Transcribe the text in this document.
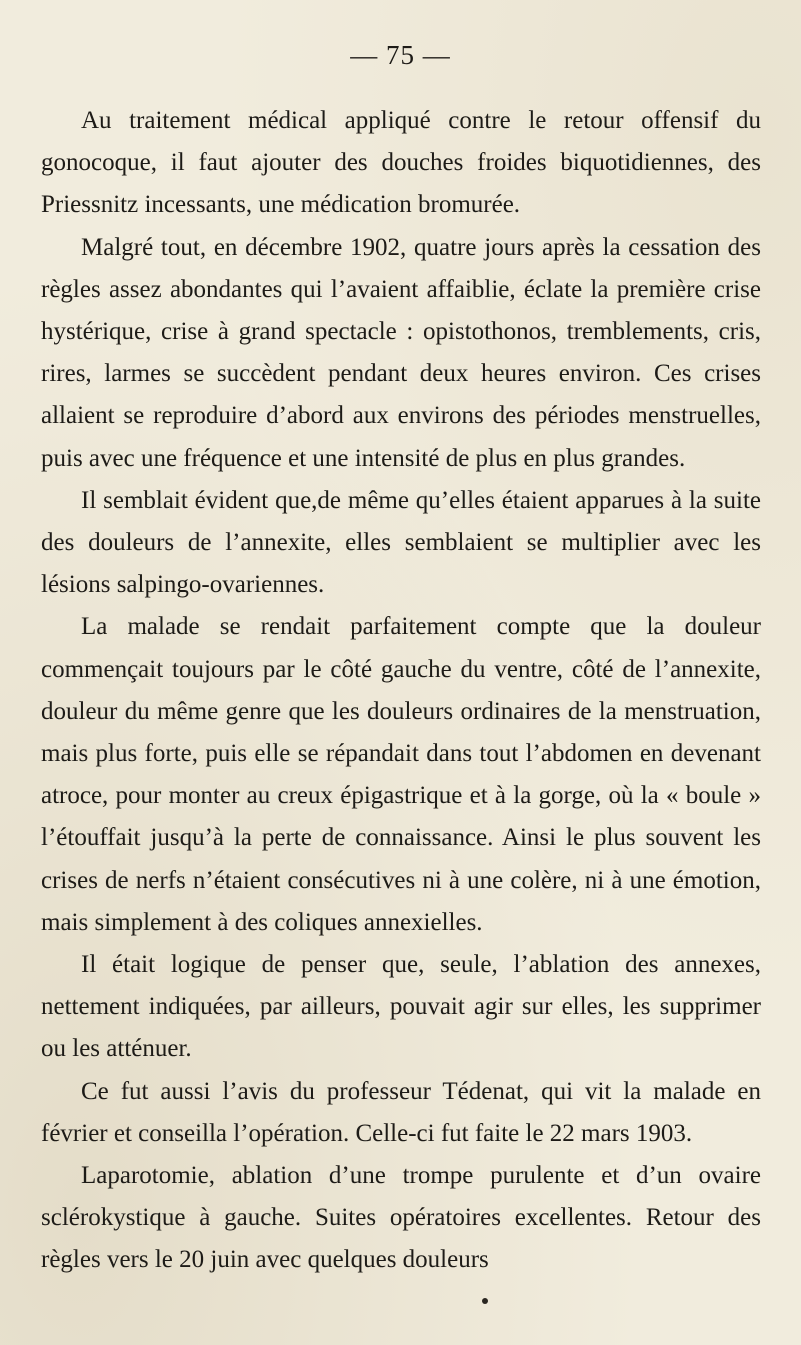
— 75 —

Au traitement médical appliqué contre le retour offensif du gonocoque, il faut ajouter des douches froides biquotidiennes, des Priessnitz incessants, une médication bromurée.

Malgré tout, en décembre 1902, quatre jours après la cessation des règles assez abondantes qui l’avaient affaiblie, éclate la première crise hystérique, crise à grand spectacle : opistothonos, tremblements, cris, rires, larmes se succèdent pendant deux heures environ. Ces crises allaient se reproduire d’abord aux environs des périodes menstruelles, puis avec une fréquence et une intensité de plus en plus grandes.

Il semblait évident que,de même qu’elles étaient apparues à la suite des douleurs de l’annexite, elles semblaient se multiplier avec les lésions salpingo-ovariennes.

La malade se rendait parfaitement compte que la douleur commençait toujours par le côté gauche du ventre, côté de l’annexite, douleur du même genre que les douleurs ordinaires de la menstruation, mais plus forte, puis elle se répandait dans tout l’abdomen en devenant atroce, pour monter au creux épigastrique et à la gorge, où la « boule » l’étouffait jusqu’à la perte de connaissance. Ainsi le plus souvent les crises de nerfs n’étaient consécutives ni à une colère, ni à une émotion, mais simplement à des coliques annexielles.

Il était logique de penser que, seule, l’ablation des annexes, nettement indiquées, par ailleurs, pouvait agir sur elles, les supprimer ou les atténuer.

Ce fut aussi l’avis du professeur Tédenat, qui vit la malade en février et conseilla l’opération. Celle-ci fut faite le 22 mars 1903.

Laparotomie, ablation d’une trompe purulente et d’un ovaire sclérokystique à gauche. Suites opératoires excellentes. Retour des règles vers le 20 juin avec quelques douleurs
